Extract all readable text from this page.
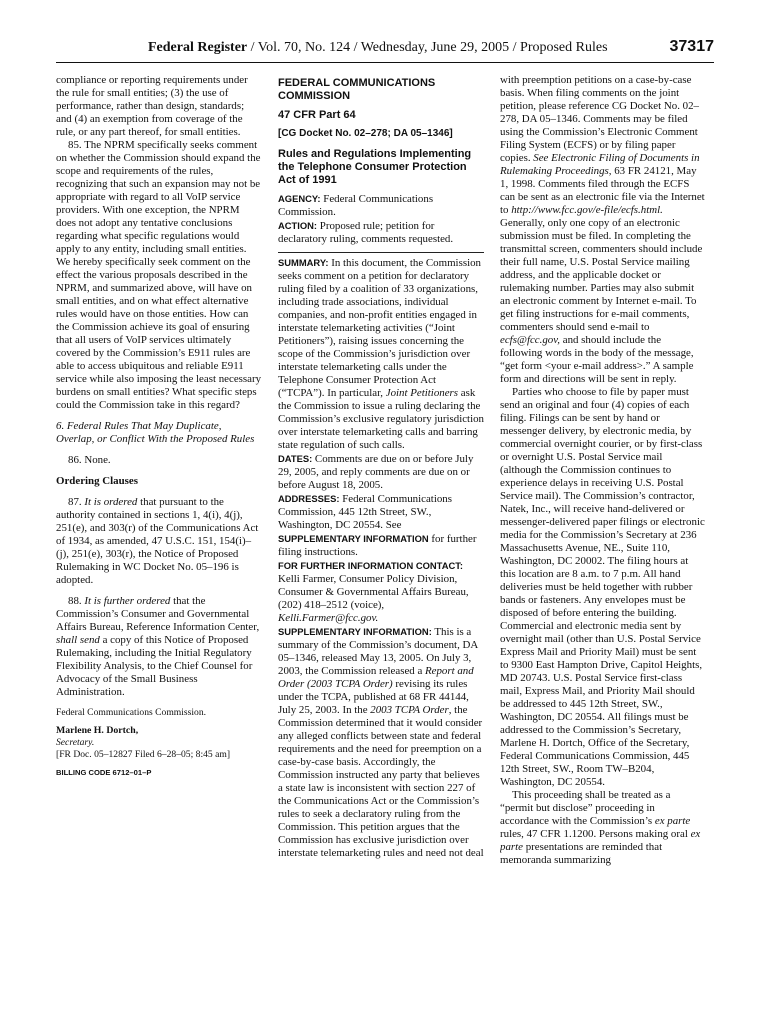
Federal Register / Vol. 70, No. 124 / Wednesday, June 29, 2005 / Proposed Rules	37317

compliance or reporting requirements under the rule for small entities; (3) the use of performance, rather than design, standards; and (4) an exemption from coverage of the rule, or any part thereof, for small entities.

85. The NPRM specifically seeks comment on whether the Commission should expand the scope and requirements of the rules, recognizing that such an expansion may not be appropriate with regard to all VoIP service providers. With one exception, the NPRM does not adopt any tentative conclusions regarding what specific regulations would apply to any entity, including small entities. We hereby specifically seek comment on the effect the various proposals described in the NPRM, and summarized above, will have on small entities, and on what effect alternative rules would have on those entities. How can the Commission achieve its goal of ensuring that all users of VoIP services ultimately covered by the Commission’s E911 rules are able to access ubiquitous and reliable E911 service while also imposing the least necessary burdens on small entities? What specific steps could the Commission take in this regard?

6. Federal Rules That May Duplicate, Overlap, or Conflict With the Proposed Rules

86. None.

Ordering Clauses

87. It is ordered that pursuant to the authority contained in sections 1, 4(i), 4(j), 251(e), and 303(r) of the Communications Act of 1934, as amended, 47 U.S.C. 151, 154(i)–(j), 251(e), 303(r), the Notice of Proposed Rulemaking in WC Docket No. 05–196 is adopted.

88. It is further ordered that the Commission’s Consumer and Governmental Affairs Bureau, Reference Information Center, shall send a copy of this Notice of Proposed Rulemaking, including the Initial Regulatory Flexibility Analysis, to the Chief Counsel for Advocacy of the Small Business Administration.

Federal Communications Commission.

Marlene H. Dortch,

Secretary.

[FR Doc. 05–12827 Filed 6–28–05; 8:45 am]

BILLING CODE 6712–01–P

FEDERAL COMMUNICATIONS COMMISSION

47 CFR Part 64

[CG Docket No. 02–278; DA 05–1346]

Rules and Regulations Implementing the Telephone Consumer Protection Act of 1991

AGENCY: Federal Communications Commission.

ACTION: Proposed rule; petition for declaratory ruling, comments requested.

SUMMARY: In this document, the Commission seeks comment on a petition for declaratory ruling filed by a coalition of 33 organizations, including trade associations, individual companies, and non-profit entities engaged in interstate telemarketing activities (“Joint Petitioners”), raising issues concerning the scope of the Commission’s jurisdiction over interstate telemarketing calls under the Telephone Consumer Protection Act (“TCPA”). In particular, Joint Petitioners ask the Commission to issue a ruling declaring the Commission’s exclusive regulatory jurisdiction over interstate telemarketing calls and barring state regulation of such calls.

DATES: Comments are due on or before July 29, 2005, and reply comments are due on or before August 18, 2005.

ADDRESSES: Federal Communications Commission, 445 12th Street, SW., Washington, DC 20554. See SUPPLEMENTARY INFORMATION for further filing instructions.

FOR FURTHER INFORMATION CONTACT:
Kelli Farmer, Consumer Policy Division, Consumer & Governmental Affairs Bureau, (202) 418–2512 (voice), Kelli.Farmer@fcc.gov.

SUPPLEMENTARY INFORMATION: This is a summary of the Commission’s document, DA 05–1346, released May 13, 2005. On July 3, 2003, the Commission released a Report and Order (2003 TCPA Order) revising its rules under the TCPA, published at 68 FR 44144, July 25, 2003. In the 2003 TCPA Order, the Commission determined that it would consider any alleged conflicts between state and federal requirements and the need for preemption on a case-by-case basis. Accordingly, the Commission instructed any party that believes a state law is inconsistent with section 227 of the Communications Act or the Commission’s rules to seek a declaratory ruling from the Commission. This petition argues that the Commission has exclusive jurisdiction over interstate telemarketing rules and need not deal

with preemption petitions on a case-by-case basis. When filing comments on the joint petition, please reference CG Docket No. 02–278, DA 05–1346. Comments may be filed using the Commission’s Electronic Comment Filing System (ECFS) or by filing paper copies. See Electronic Filing of Documents in Rulemaking Proceedings, 63 FR 24121, May 1, 1998. Comments filed through the ECFS can be sent as an electronic file via the Internet to http://www.fcc.gov/e-file/ecfs.html. Generally, only one copy of an electronic submission must be filed. In completing the transmittal screen, commenters should include their full name, U.S. Postal Service mailing address, and the applicable docket or rulemaking number. Parties may also submit an electronic comment by Internet e-mail. To get filing instructions for e-mail comments, commenters should send e-mail to ecfs@fcc.gov, and should include the following words in the body of the message, “get form <your e-mail address>.” A sample form and directions will be sent in reply.

Parties who choose to file by paper must send an original and four (4) copies of each filing. Filings can be sent by hand or messenger delivery, by electronic media, by commercial overnight courier, or by first-class or overnight U.S. Postal Service mail (although the Commission continues to experience delays in receiving U.S. Postal Service mail). The Commission’s contractor, Natek, Inc., will receive hand-delivered or messenger-delivered paper filings or electronic media for the Commission’s Secretary at 236 Massachusetts Avenue, NE., Suite 110, Washington, DC 20002. The filing hours at this location are 8 a.m. to 7 p.m. All hand deliveries must be held together with rubber bands or fasteners. Any envelopes must be disposed of before entering the building. Commercial and electronic media sent by overnight mail (other than U.S. Postal Service Express Mail and Priority Mail) must be sent to 9300 East Hampton Drive, Capitol Heights, MD 20743. U.S. Postal Service first-class mail, Express Mail, and Priority Mail should be addressed to 445 12th Street, SW., Washington, DC 20554. All filings must be addressed to the Commission’s Secretary, Marlene H. Dortch, Office of the Secretary, Federal Communications Commission, 445 12th Street, SW., Room TW–B204, Washington, DC 20554.

This proceeding shall be treated as a “permit but disclose” proceeding in accordance with the Commission’s ex parte rules, 47 CFR 1.1200. Persons making oral ex parte presentations are reminded that memoranda summarizing
